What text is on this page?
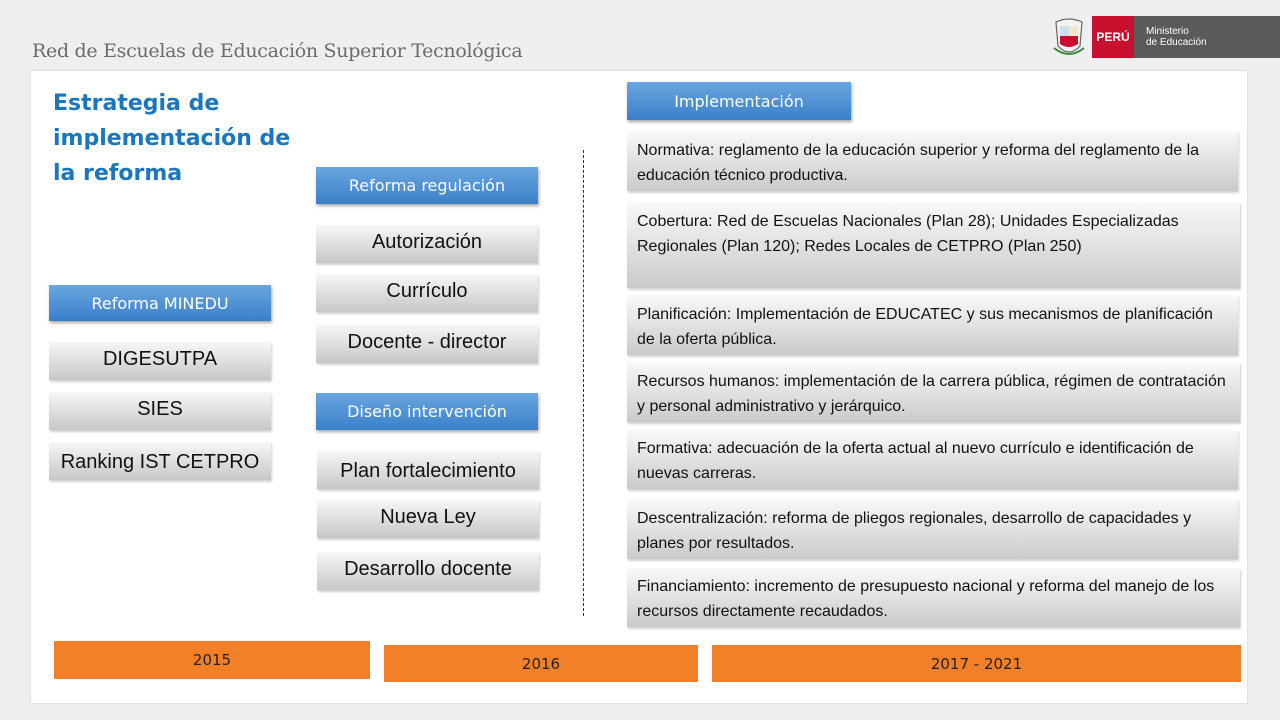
Red de Escuelas de Educación Superior Tecnológica
PERÚ	Ministerio
de Educación
Estrategia de implementación de la reforma
Reforma MINEDU
DIGESUTPA
SIES
Ranking IST CETPRO
Reforma regulación
Autorización
Currículo
Docente - director
Diseño intervención
Plan fortalecimiento
Nueva Ley
Desarrollo docente
Implementación
Normativa: reglamento de la educación superior y reforma del reglamento de la educación técnico productiva.
Cobertura: Red de Escuelas Nacionales (Plan 28); Unidades Especializadas Regionales (Plan 120); Redes Locales de CETPRO (Plan 250)
Planificación: Implementación de EDUCATEC y sus mecanismos de planificación de la oferta pública.
Recursos humanos: implementación de la carrera pública, régimen de contratación y personal administrativo y jerárquico.
Formativa: adecuación de la oferta actual al nuevo currículo e identificación de nuevas carreras.
Descentralización: reforma de pliegos regionales, desarrollo de capacidades y planes por resultados.
Financiamiento: incremento de presupuesto nacional y reforma del manejo de los recursos directamente recaudados.
2015	2016	2017 - 2021
